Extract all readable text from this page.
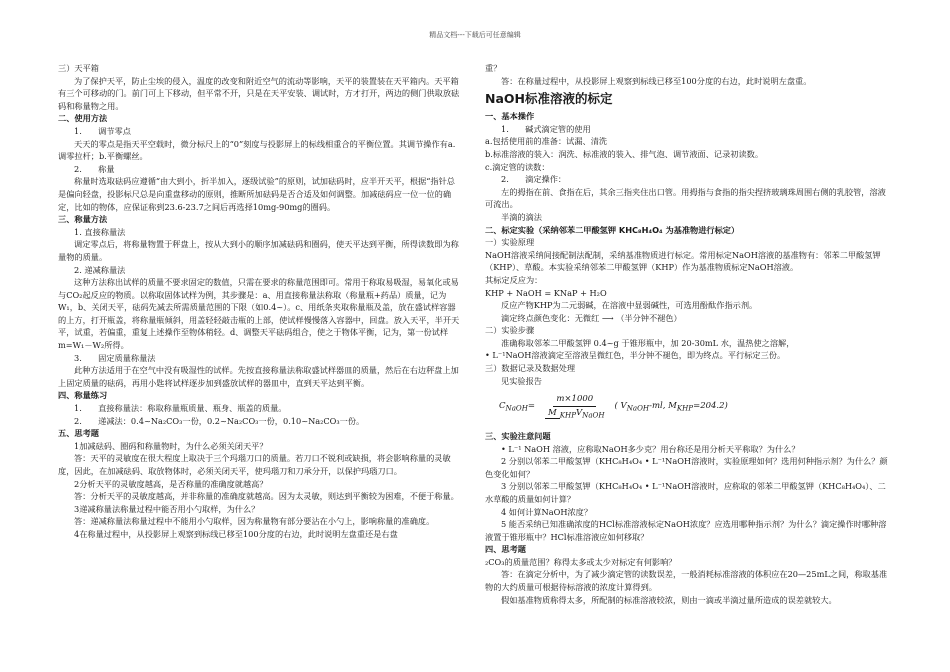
精品文档---下载后可任意编辑

三）天平箱

为了保护天平，防止尘埃的侵入，温度的改变和附近空气的流动等影响，天平的装置装在天平箱内。天平箱有三个可移动的门。前门可上下移动，但平常不开，只是在天平安装、调试时，方才打开，两边的侧门供取放砝码和称量物之用。

二、使用方法

1.　　调节零点

天天的零点是指天平空载时，微分标尺上的“0”刻度与投影屏上的标线相重合的平衡位置。其调节操作有a.调零拉杆；b.平衡螺丝。

2.　　称量

称量时选取砝码应遵循“由大到小，折半加入，逐级试验”的原则，试加砝码时，应半开天平，根据“指针总是偏向轻盘，投影标尺总是向重盘移动的原则，推断所加砝码是否合适及如何调整。加减砝码应一位一位的确定，比如的物体，应保证称到23.6-23.7之间后再选择10mg-90mg的圈码。

三、称量方法

1. 直接称量法

调定零点后，将称量物置于秤盘上，按从大到小的顺序加减砝码和圈码，使天平达到平衡，所得读数即为称量物的质量。

2. 递减称量法

这种方法称出试样的质量不要求固定的数值，只需在要求的称量范围即可。常用于称取易吸湿，易氧化或易与CO₂起反应的物质。以称取固体试样为例，其步骤是：a、用直接称量法称取（称量瓶+药品）质量，记为W₁，b、关闭天平，砝码先减去所需质量范围的下限（如0.4~）。c、用纸条夹取称量瓶及盖，放在盛试样容器的上方，打开瓶盖，将称量瓶倾斜，用盖轻轻敲击瓶的上部，使试样慢慢落入容器中，回盘。放入天平，半开天平，试重，若偏重，重复上述操作至物体稍轻。d、调整天平砝码组合，使之于物体平衡，记为，第一份试样m=W₁－W₂所得。

3.　　固定质量称量法

此种方法适用于在空气中没有吸湿性的试样。先按直接称量法称取盛试样器皿的质量，然后在右边秤盘上加上固定质量的砝码，再用小匙将试样逐步加到盛放试样的器皿中，直到天平达到平衡。

四、称量练习

1.　　直接称量法：称取称量瓶质量、瓶身、瓶盖的质量。

2.　　递减法：0.4~Na₂CO₃一份，0.2~Na₂CO₃一份，0.10~Na₂CO₃一份。

五、思考题

1加减砝码、圈码和称量物时，为什么必须关闭天平？

答：天平的灵敏度在很大程度上取决于三个玛瑙刀口的质量。若刀口不锐利或缺损，将会影响称量的灵敏度，因此，在加减砝码、取放物体时，必须关闭天平，使玛瑙刀和刀承分开，以保护玛瑙刀口。

2分析天平的灵敏度越高，是否称量的准确度就越高？

答：分析天平的灵敏度越高，并非称量的准确度就越高。因为太灵敏，则达到平衡较为困难，不便于称量。

3递减称量法称量过程中能否用小勺取样，为什么？

答：递减称量法称量过程中不能用小勺取样，因为称量物有部分要沾在小勺上，影响称量的准确度。

4在称量过程中，从投影屏上观察到标线已移至100分度的右边，此时说明左盘重还是右盘

重？

答：在称量过程中，从投影屏上观察到标线已移至100分度的右边，此时说明左盘重。

NaOH标准溶液的标定

一、基本操作

1.　　碱式滴定管的使用

a.包括使用前的准备：试漏、清洗

b.标准溶液的装入：润洗、标准液的装入、排气泡、调节液面、记录初读数。

c.滴定管的读数：

2.　　滴定操作：

左的拇指在前、食指在后，其余三指夹住出口管。用拇指与食指的指尖捏挤玻璃珠周围右侧的乳胶管，溶液可流出。

半滴的滴法

二、标定实验（采纳邻苯二甲酸氢钾 KHC₈H₄O₄ 为基准物进行标定）

一）实验原理

NaOH溶液采纳间接配制法配制，采纳基准物质进行标定。常用标定NaOH溶液的基准物有：邻苯二甲酸氢钾（KHP）、草酸。本实验采纳邻苯二甲酸氢钾（KHP）作为基准物质标定NaOH溶液。

其标定反应为：

KHP + NaOH = KNaP + H₂O

反应产物KHP为二元弱碱，在溶液中显弱碱性，可选用酚酞作指示剂。

滴定终点颜色变化：无微红 ⟶ （半分钟不褪色）

二）实验步骤

准确称取邻苯二甲酸氢钾 0.4~g 于锥形瓶中，加 20-30mL 水，温热使之溶解，

• L⁻¹NaOH溶液滴定至溶液呈微红色，半分钟不褪色，即为终点。平行标定三份。

三）数据记录及数据处理

见实验报告

$C_{NaOH}= \frac{m\times 1000}{M _{KHP}V_{NaOH}}$ ( $V_{NaOH}-ml$, $M_{KHP}=204.2$)

三、实验注意问题

• L⁻¹ NaOH 溶液，应称取NaOH多少克？用台称还是用分析天平称取？为什么？

2 分别以邻苯二甲酸氢钾（KHC₈H₄O₄ • L⁻¹NaOH溶液时，实验原理如何？选用何种指示剂？为什么？颜色变化如何？

3 分别以邻苯二甲酸氢钾（KHC₈H₄O₄ • L⁻¹NaOH溶液时，应称取的邻苯二甲酸氢钾（KHC₈H₄O₄）、二水草酸的质量如何计算？

4 如何计算NaOH浓度？

5 能否采纳已知准确浓度的HCl标准溶液标定NaOH浓度？应选用哪种指示剂？为什么？滴定操作时哪种溶液置于锥形瓶中？HCl标准溶液应如何移取？

四、思考题

₂CO₃的质量范围？称得太多或太少对标定有何影响？

答：在滴定分析中，为了减少滴定管的读数误差，一般消耗标准溶液的体积应在20—25mL之间，称取基准物的大约质量可根据待标溶液的浓度计算得到。

假如基准物质称得太多，所配制的标准溶液较浓，则由一滴或半滴过量所造成的误差就较大。
